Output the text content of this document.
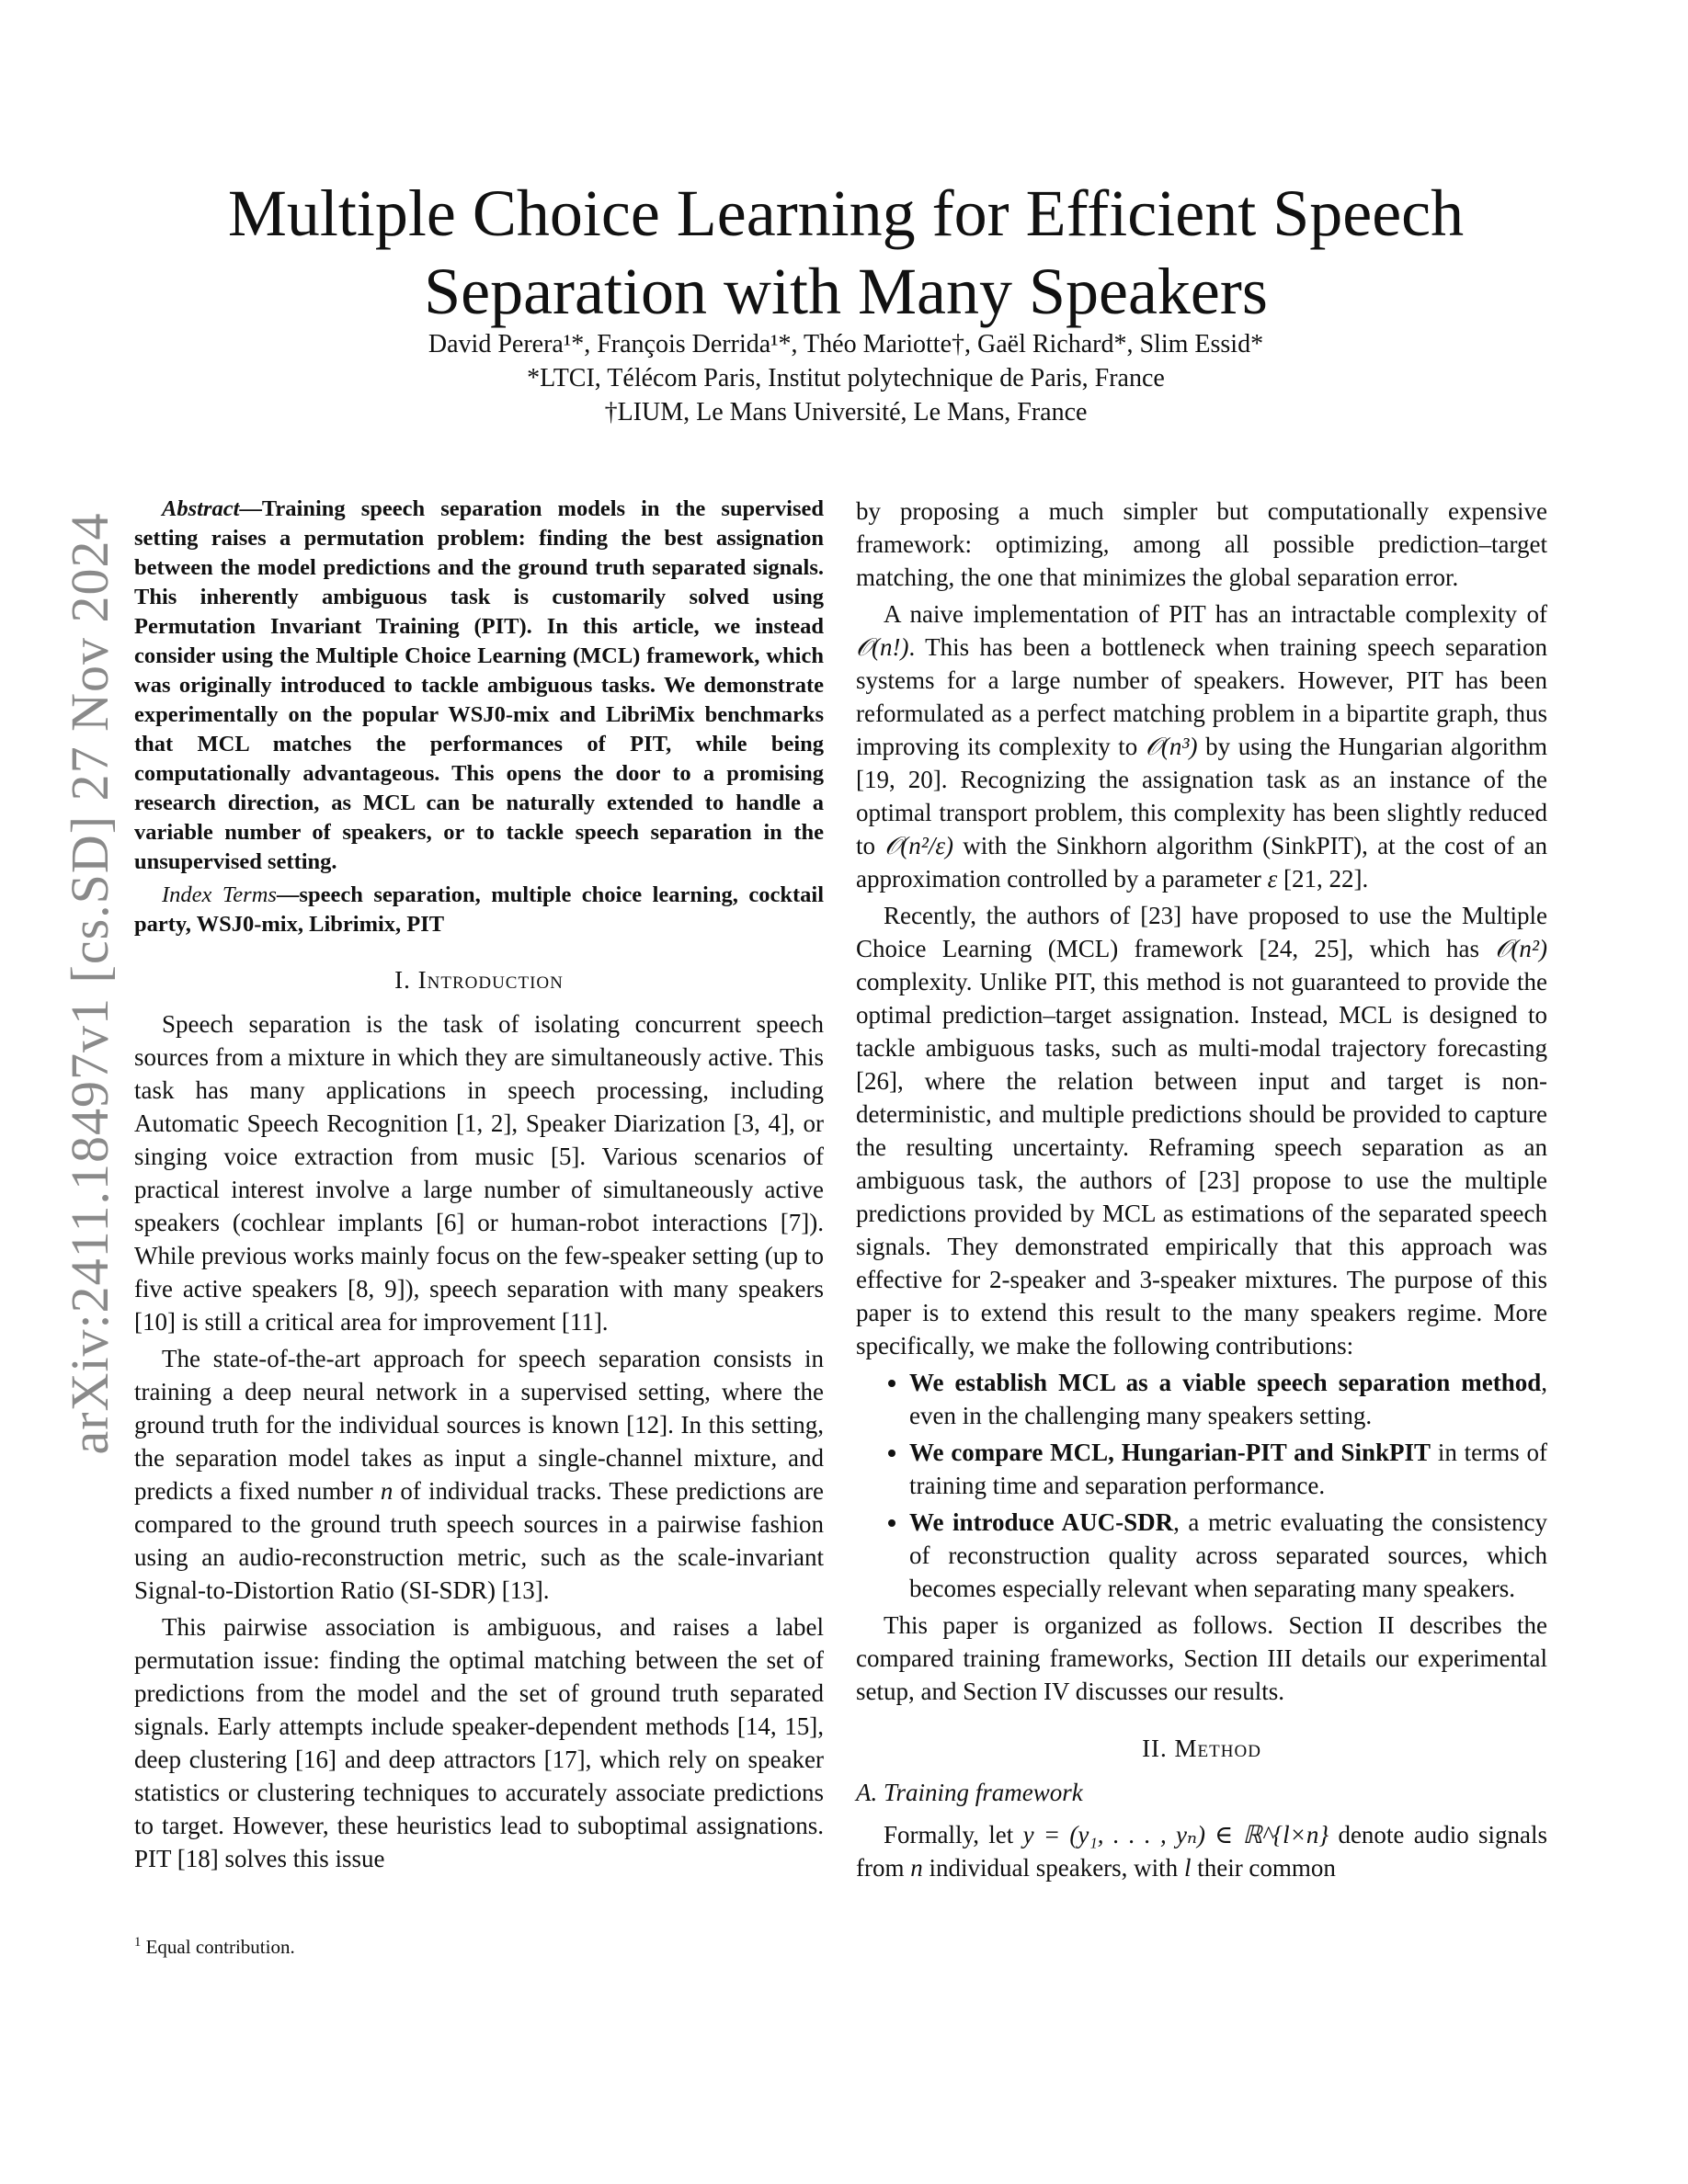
arXiv:2411.18497v1 [cs.SD] 27 Nov 2024
Multiple Choice Learning for Efficient Speech
Separation with Many Speakers
David Perera¹*, François Derrida¹*, Théo Mariotte†, Gaël Richard*, Slim Essid*
*LTCI, Télécom Paris, Institut polytechnique de Paris, France
†LIUM, Le Mans Université, Le Mans, France

Abstract—Training speech separation models in the supervised setting raises a permutation problem: finding the best assignation between the model predictions and the ground truth separated signals. This inherently ambiguous task is customarily solved using Permutation Invariant Training (PIT). In this article, we instead consider using the Multiple Choice Learning (MCL) framework, which was originally introduced to tackle ambiguous tasks. We demonstrate experimentally on the popular WSJ0-mix and LibriMix benchmarks that MCL matches the performances of PIT, while being computationally advantageous. This opens the door to a promising research direction, as MCL can be naturally extended to handle a variable number of speakers, or to tackle speech separation in the unsupervised setting.

Index Terms—speech separation, multiple choice learning, cocktail party, WSJ0-mix, Librimix, PIT

I. Introduction

Speech separation is the task of isolating concurrent speech sources from a mixture in which they are simultaneously active. This task has many applications in speech processing, including Automatic Speech Recognition [1, 2], Speaker Diarization [3, 4], or singing voice extraction from music [5]. Various scenarios of practical interest involve a large number of simultaneously active speakers (cochlear implants [6] or human-robot interactions [7]). While previous works mainly focus on the few-speaker setting (up to five active speakers [8, 9]), speech separation with many speakers [10] is still a critical area for improvement [11].

The state-of-the-art approach for speech separation consists in training a deep neural network in a supervised setting, where the ground truth for the individual sources is known [12]. In this setting, the separation model takes as input a single-channel mixture, and predicts a fixed number n of individual tracks. These predictions are compared to the ground truth speech sources in a pairwise fashion using an audio-reconstruction metric, such as the scale-invariant Signal-to-Distortion Ratio (SI-SDR) [13].

This pairwise association is ambiguous, and raises a label permutation issue: finding the optimal matching between the set of predictions from the model and the set of ground truth separated signals. Early attempts include speaker-dependent methods [14, 15], deep clustering [16] and deep attractors [17], which rely on speaker statistics or clustering techniques to accurately associate predictions to target. However, these heuristics lead to suboptimal assignations. PIT [18] solves this issue

$^1$ Equal contribution.

by proposing a much simpler but computationally expensive framework: optimizing, among all possible prediction–target matching, the one that minimizes the global separation error.

A naive implementation of PIT has an intractable complexity of 𝒪(n!). This has been a bottleneck when training speech separation systems for a large number of speakers. However, PIT has been reformulated as a perfect matching problem in a bipartite graph, thus improving its complexity to 𝒪(n³) by using the Hungarian algorithm [19, 20]. Recognizing the assignation task as an instance of the optimal transport problem, this complexity has been slightly reduced to 𝒪(n²/ε) with the Sinkhorn algorithm (SinkPIT), at the cost of an approximation controlled by a parameter ε [21, 22].

Recently, the authors of [23] have proposed to use the Multiple Choice Learning (MCL) framework [24, 25], which has 𝒪(n²) complexity. Unlike PIT, this method is not guaranteed to provide the optimal prediction–target assignation. Instead, MCL is designed to tackle ambiguous tasks, such as multi-modal trajectory forecasting [26], where the relation between input and target is non-deterministic, and multiple predictions should be provided to capture the resulting uncertainty. Reframing speech separation as an ambiguous task, the authors of [23] propose to use the multiple predictions provided by MCL as estimations of the separated speech signals. They demonstrated empirically that this approach was effective for 2-speaker and 3-speaker mixtures. The purpose of this paper is to extend this result to the many speakers regime. More specifically, we make the following contributions:

• We establish MCL as a viable speech separation method, even in the challenging many speakers setting.
• We compare MCL, Hungarian-PIT and SinkPIT in terms of training time and separation performance.
• We introduce AUC-SDR, a metric evaluating the consistency of reconstruction quality across separated sources, which becomes especially relevant when separating many speakers.

This paper is organized as follows. Section II describes the compared training frameworks, Section III details our experimental setup, and Section IV discusses our results.

II. Method
A. Training framework

Formally, let y = (y₁, . . . , yₙ) ∈ ℝ^{l×n} denote audio signals from n individual speakers, with l their common
